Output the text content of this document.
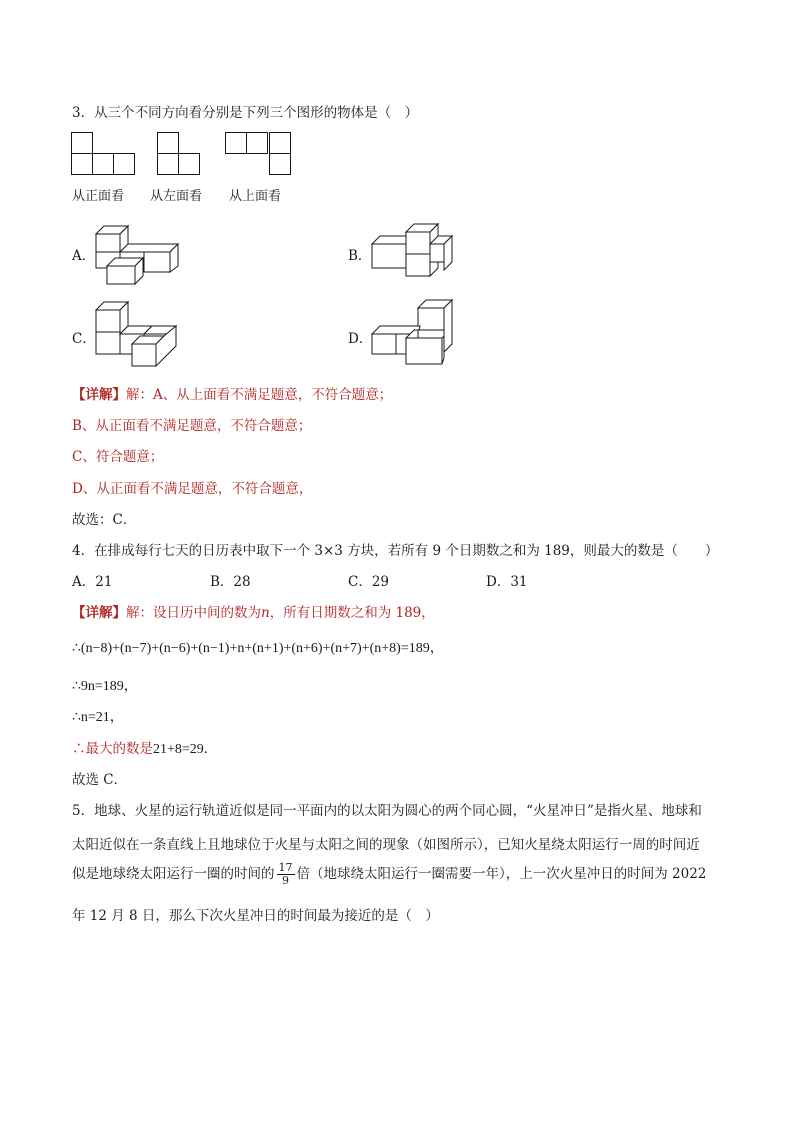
3．从三个不同方向看分别是下列三个图形的物体是（　）
从正面看 从左面看 从上面看
A．	B．
C．	D．
【详解】解：A、从上面看不满足题意，不符合题意；
B、从正面看不满足题意，不符合题意；
C、符合题意；
D、从正面看不满足题意，不符合题意，
故选：C．
4．在排成每行七天的日历表中取下一个 3×3 方块，若所有 9 个日期数之和为 189，则最大的数是（　　）
A．21	B．28	C．29	D．31
【详解】解：设日历中间的数为n，所有日期数之和为 189，
∴(n−8)+(n−7)+(n−6)+(n−1)+n+(n+1)+(n+6)+(n+7)+(n+8)=189，
∴9n=189，
∴n=21，
∴最大的数是21+8=29．
故选 C．
5．地球、火星的运行轨道近似是同一平面内的以太阳为圆心的两个同心圆，“火星冲日”是指火星、地球和
太阳近似在一条直线上且地球位于火星与太阳之间的现象（如图所示），已知火星绕太阳运行一周的时间近
似是地球绕太阳运行一圈的时间的 $\frac{17}{9}$ 倍（地球绕太阳运行一圈需要一年），上一次火星冲日的时间为 2022
年 12 月 8 日，那么下次火星冲日的时间最为接近的是（　）
